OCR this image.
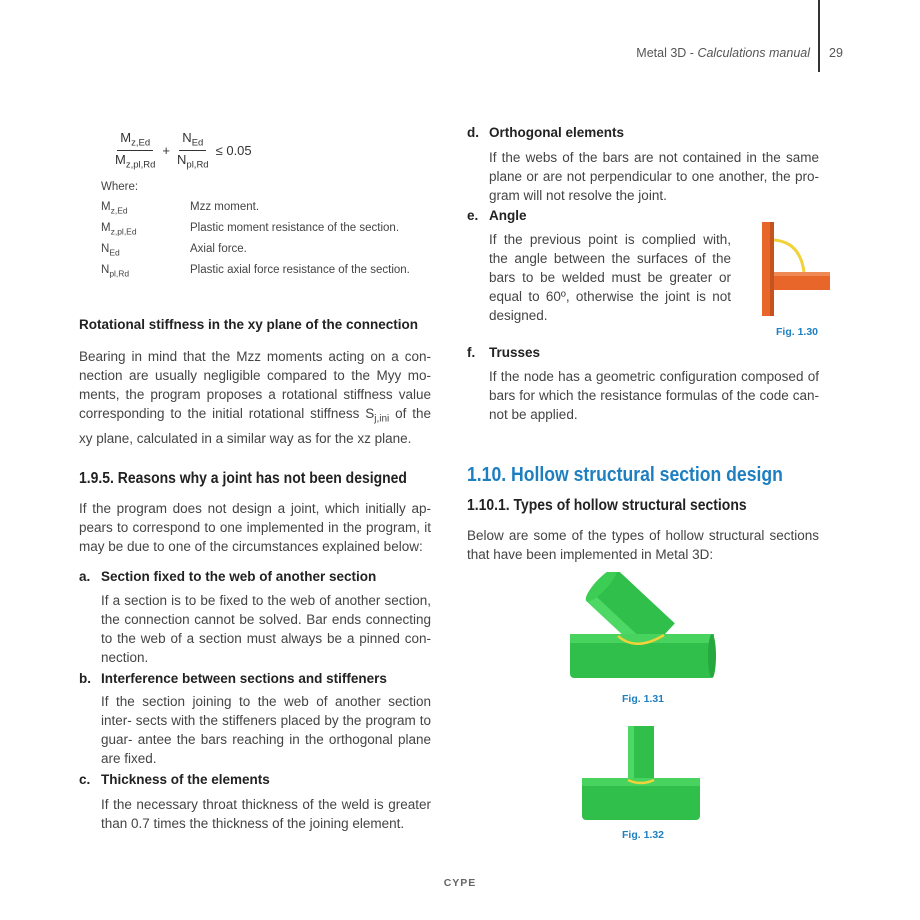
Metal 3D - Calculations manual 29
$\frac{M_{z,Ed}}{M_{z,pl,Rd}} + \frac{N_{Ed}}{N_{pl,Rd}} \le 0.05$
Where:
$M_{z,Ed}$	Mzz moment.
$M_{z,pl,Ed}$	Plastic moment resistance of the section.
$N_{Ed}$	Axial force.
$N_{pl,Rd}$	Plastic axial force resistance of the section.
Rotational stiffness in the xy plane of the connection
Bearing in mind that the Mzz moments acting on a con- nection are usually negligible compared to the Myy mo- ments, the program proposes a rotational stiffness value corresponding to the initial rotational stiffness $S_{j,ini}$ of the xy plane, calculated in a similar way as for the xz plane.
1.9.5. Reasons why a joint has not been designed
If the program does not design a joint, which initially ap- pears to correspond to one implemented in the program, it may be due to one of the circumstances explained below:
a. Section fixed to the web of another section
If a section is to be fixed to the web of another section, the connection cannot be solved. Bar ends connecting to the web of a section must always be a pinned con- nection.
b. Interference between sections and stiffeners
If the section joining to the web of another section inter- sects with the stiffeners placed by the program to guar- antee the bars reaching in the orthogonal plane are fixed.
c. Thickness of the elements
If the necessary throat thickness of the weld is greater than 0.7 times the thickness of the joining element.
d. Orthogonal elements
If the webs of the bars are not contained in the same plane or are not perpendicular to one another, the pro- gram will not resolve the joint.
e. Angle
If the previous point is complied with, the angle between the surfaces of the bars to be welded must be greater or equal to 60º, otherwise the joint is not designed.
Fig. 1.30
f. Trusses
If the node has a geometric configuration composed of bars for which the resistance formulas of the code can- not be applied.
1.10. Hollow structural section design
1.10.1. Types of hollow structural sections
Below are some of the types of hollow structural sections that have been implemented in Metal 3D:
Fig. 1.31
Fig. 1.32
CYPE
